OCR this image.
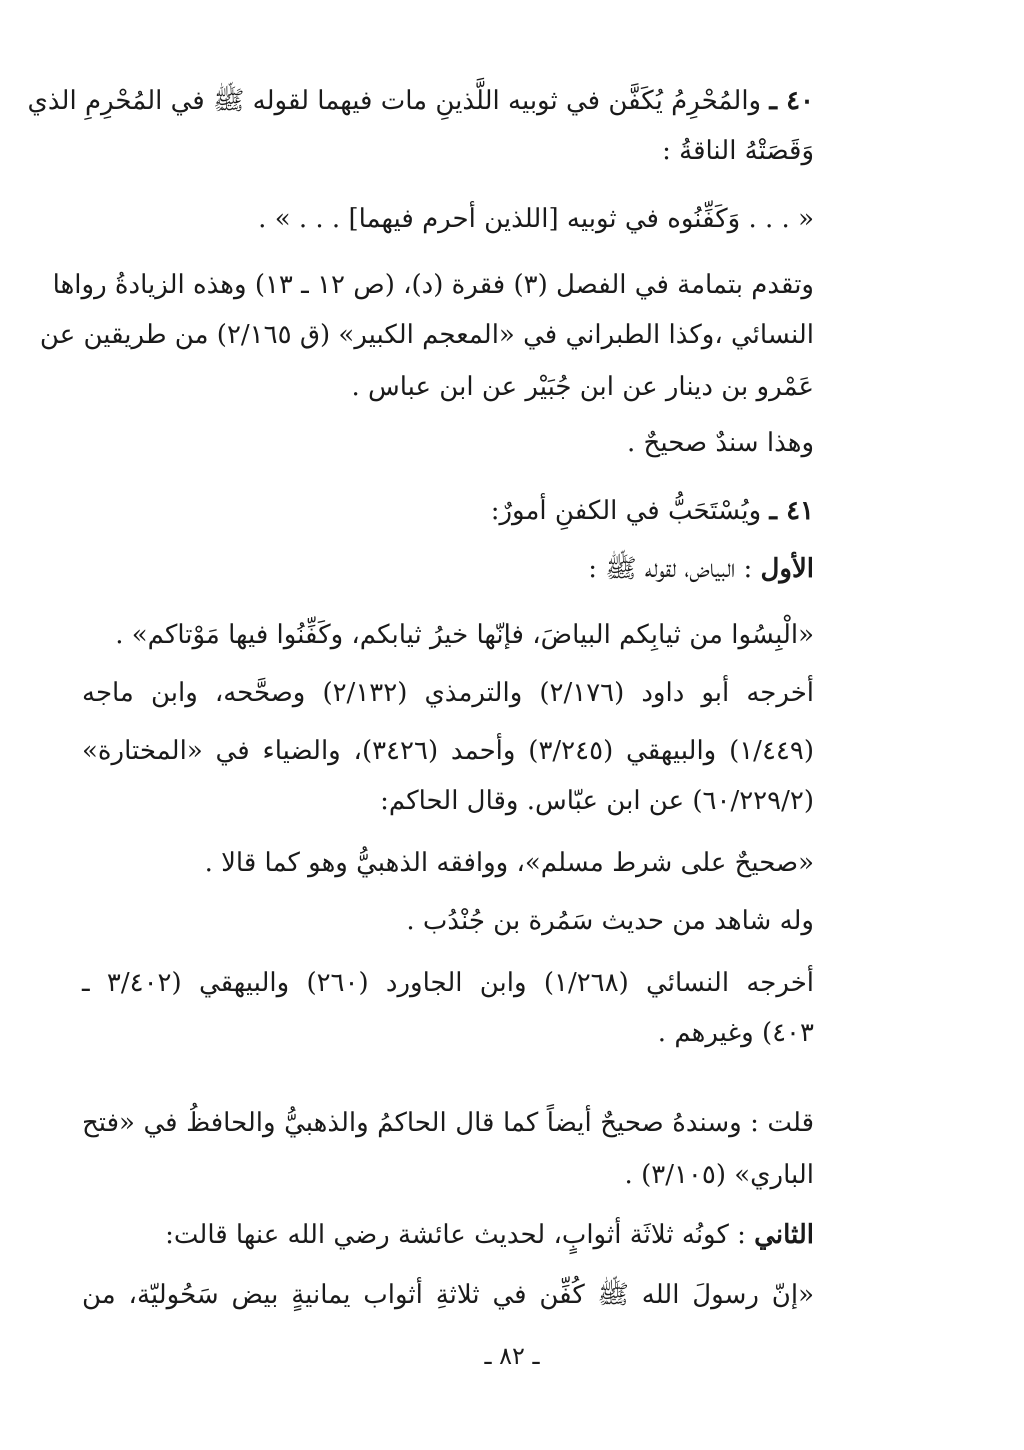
٤٠ ـ والمُحْرِمُ يُكَفَّن في ثوبيه اللَّذينِ مات فيهما لقوله ﷺ في المُحْرِمِ الذي
وَقَصَتْهُ الناقةُ :
« . . . وَكَفِّنُوه في ثوبيه [اللذين أحرم فيهما] . . . » .
وتقدم بتمامة في الفصل (٣) فقرة (د)، (ص ١٢ ـ ١٣) وهذه الزيادةُ رواها
النسائي ،وكذا الطبراني في «المعجم الكبير» (ق ٢/١٦٥) من طريقين عن
عَمْرو بن دينار عن ابن جُبَيْر عن ابن عباس .
وهذا سندٌ صحيحٌ .
٤١ ـ ويُسْتَحَبُّ في الكفنِ أمورٌ:
الأول : البياض، لقوله ﷺ :
«الْبِسُوا من ثيابِكم البياضَ، فإنّها خيرُ ثيابكم، وكَفِّنُوا فيها مَوْتاكم» .
أخرجه أبو داود (٢/١٧٦) والترمذي (٢/١٣٢) وصحَّحه، وابن ماجه
(١/٤٤٩) والبيهقي (٣/٢٤٥) وأحمد (٣٤٢٦)، والضياء في «المختارة»
(٦٠/٢٢٩/٢) عن ابن عبّاس. وقال الحاكم:
«صحيحٌ على شرط مسلم»، ووافقه الذهبيُّ وهو كما قالا .
وله شاهد من حديث سَمُرة بن جُنْدُب .
أخرجه النسائي (١/٢٦٨) وابن الجاورد (٢٦٠) والبيهقي (٣/٤٠٢ ـ
٤٠٣) وغيرهم .
قلت : وسندهُ صحيحٌ أيضاً كما قال الحاكمُ والذهبيُّ والحافظُ في «فتح
الباري» (٣/١٠٥) .
الثاني : كونُه ثلاثَة أثوابٍ، لحديث عائشة رضي الله عنها قالت:
«إنّ رسولَ الله ﷺ كُفِّن في ثلاثةِ أثواب يمانيةٍ بيض سَحُوليّة، من
ـ ٨٢ ـ
